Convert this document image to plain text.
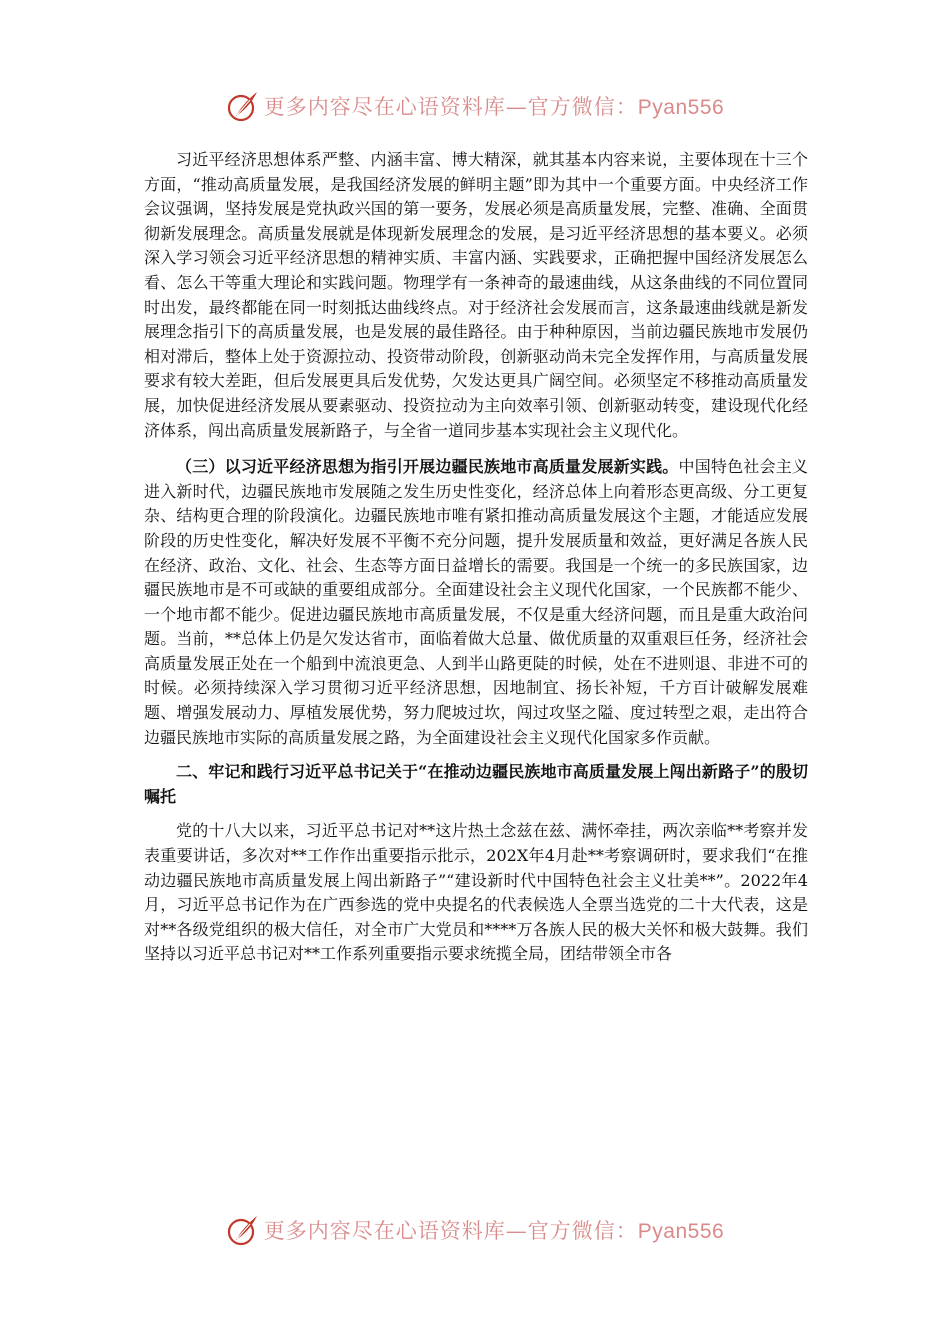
更多内容尽在心语资料库—官方微信：Pyan556

习近平经济思想体系严整、内涵丰富、博大精深，就其基本内容来说，主要体现在十三个方面，“推动高质量发展，是我国经济发展的鲜明主题”即为其中一个重要方面。中央经济工作会议强调，坚持发展是党执政兴国的第一要务，发展必须是高质量发展，完整、准确、全面贯彻新发展理念。高质量发展就是体现新发展理念的发展，是习近平经济思想的基本要义。必须深入学习领会习近平经济思想的精神实质、丰富内涵、实践要求，正确把握中国经济发展怎么看、怎么干等重大理论和实践问题。物理学有一条神奇的最速曲线，从这条曲线的不同位置同时出发，最终都能在同一时刻抵达曲线终点。对于经济社会发展而言，这条最速曲线就是新发展理念指引下的高质量发展，也是发展的最佳路径。由于种种原因，当前边疆民族地市发展仍相对滞后，整体上处于资源拉动、投资带动阶段，创新驱动尚未完全发挥作用，与高质量发展要求有较大差距，但后发展更具后发优势，欠发达更具广阔空间。必须坚定不移推动高质量发展，加快促进经济发展从要素驱动、投资拉动为主向效率引领、创新驱动转变，建设现代化经济体系，闯出高质量发展新路子，与全省一道同步基本实现社会主义现代化。

（三）以习近平经济思想为指引开展边疆民族地市高质量发展新实践。中国特色社会主义进入新时代，边疆民族地市发展随之发生历史性变化，经济总体上向着形态更高级、分工更复杂、结构更合理的阶段演化。边疆民族地市唯有紧扣推动高质量发展这个主题，才能适应发展阶段的历史性变化，解决好发展不平衡不充分问题，提升发展质量和效益，更好满足各族人民在经济、政治、文化、社会、生态等方面日益增长的需要。我国是一个统一的多民族国家，边疆民族地市是不可或缺的重要组成部分。全面建设社会主义现代化国家，一个民族都不能少、一个地市都不能少。促进边疆民族地市高质量发展，不仅是重大经济问题，而且是重大政治问题。当前，**总体上仍是欠发达省市，面临着做大总量、做优质量的双重艰巨任务，经济社会高质量发展正处在一个船到中流浪更急、人到半山路更陡的时候，处在不进则退、非进不可的时候。必须持续深入学习贯彻习近平经济思想，因地制宜、扬长补短，千方百计破解发展难题、增强发展动力、厚植发展优势，努力爬坡过坎，闯过攻坚之隘、度过转型之艰，走出符合边疆民族地市实际的高质量发展之路，为全面建设社会主义现代化国家多作贡献。

二、牢记和践行习近平总书记关于“在推动边疆民族地市高质量发展上闯出新路子”的殷切嘱托

党的十八大以来，习近平总书记对**这片热土念兹在兹、满怀牵挂，两次亲临**考察并发表重要讲话，多次对**工作作出重要指示批示，202X年4月赴**考察调研时，要求我们“在推动边疆民族地市高质量发展上闯出新路子”“建设新时代中国特色社会主义壮美**”。2022年4月，习近平总书记作为在广西参选的党中央提名的代表候选人全票当选党的二十大代表，这是对**各级党组织的极大信任，对全市广大党员和****万各族人民的极大关怀和极大鼓舞。我们坚持以习近平总书记对**工作系列重要指示要求统揽全局，团结带领全市各

更多内容尽在心语资料库—官方微信：Pyan556
